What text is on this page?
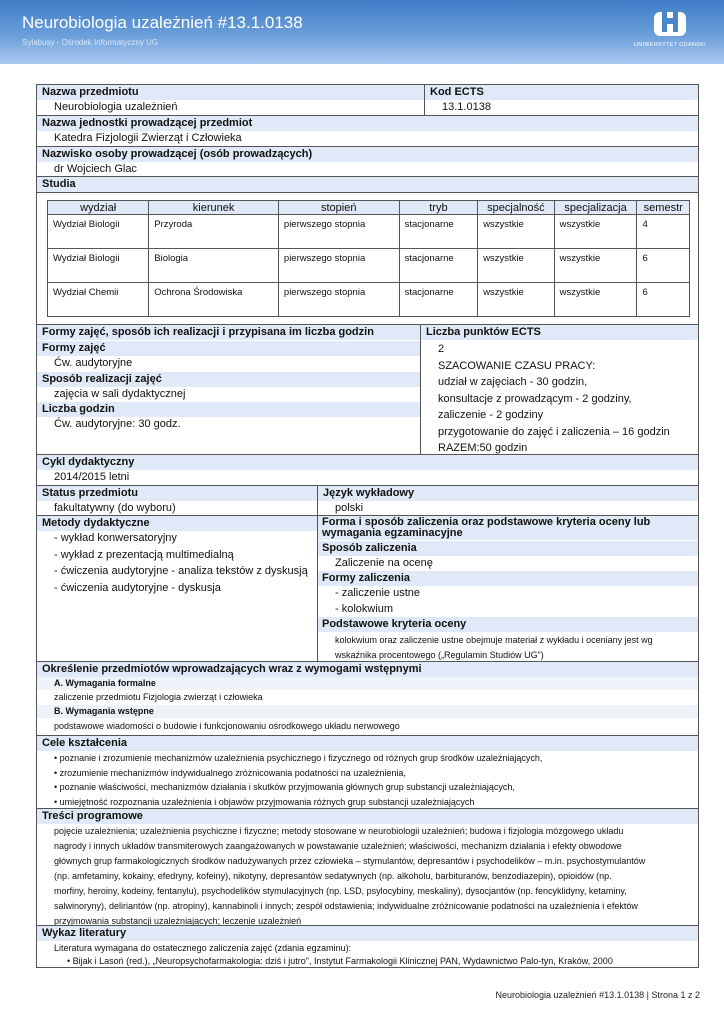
Neurobiologia uzależnień #13.1.0138
Sylabusy - Ośrodek Informatyczny UG	UNIWERSYTET GDAŃSKI
Nazwa przedmiotu	Kod ECTS
Neurobiologia uzależnień	13.1.0138
Nazwa jednostki prowadzącej przedmiot
Katedra Fizjologii Zwierząt i Człowieka
Nazwisko osoby prowadzącej (osób prowadzących)
dr Wojciech Glac
Studia
wydział	kierunek	stopień	tryb	specjalność	specjalizacja	semestr
Wydział Biologii	Przyroda	pierwszego stopnia	stacjonarne	wszystkie	wszystkie	4
Wydział Biologii	Biologia	pierwszego stopnia	stacjonarne	wszystkie	wszystkie	6
Wydział Chemii	Ochrona Środowiska	pierwszego stopnia	stacjonarne	wszystkie	wszystkie	6
Formy zajęć, sposób ich realizacji i przypisana im liczba godzin	Liczba punktów ECTS
Formy zajęć
Ćw. audytoryjne
Sposób realizacji zajęć
zajęcia w sali dydaktycznej
Liczba godzin
Ćw. audytoryjne: 30 godz.
2
SZACOWANIE CZASU PRACY:
udział w zajęciach - 30 godzin,
konsultacje z prowadzącym - 2 godziny,
zaliczenie - 2 godziny
przygotowanie do zajęć i zaliczenia – 16 godzin
RAZEM:50 godzin
Cykl dydaktyczny
2014/2015 letni
Status przedmiotu	Język wykładowy
fakultatywny (do wyboru)	polski
Metody dydaktyczne
- wykład konwersatoryjny
- wykład z prezentacją multimedialną
- ćwiczenia audytoryjne - analiza tekstów z dyskusją
- ćwiczenia audytoryjne - dyskusja
Forma i sposób zaliczenia oraz podstawowe kryteria oceny lub wymagania egzaminacyjne
Sposób zaliczenia
Zaliczenie na ocenę
Formy zaliczenia
- zaliczenie ustne
- kolokwium
Podstawowe kryteria oceny
kolokwium oraz zaliczenie ustne obejmuje materiał z wykładu i oceniany jest wg
wskaźnika procentowego („Regulamin Studiów UG")
Określenie przedmiotów wprowadzających wraz z wymogami wstępnymi
A. Wymagania formalne
zaliczenie przedmiotu Fizjologia zwierząt i człowieka
B. Wymagania wstępne
podstawowe wiadomości o budowie i funkcjonowaniu ośrodkowego układu nerwowego
Cele kształcenia
• poznanie i zrozumienie mechanizmów uzależnienia psychicznego i fizycznego od różnych grup środków uzależniających,
• zrozumienie mechanizmów indywidualnego zróżnicowania podatności na uzależnienia,
• poznanie właściwości, mechanizmów działania i skutków przyjmowania głównych grup substancji uzależniających,
• umiejętność rozpoznania uzależnienia i objawów przyjmowania różnych grup substancji uzależniających
Treści programowe
pojęcie uzależnienia; uzależnienia psychiczne i fizyczne; metody stosowane w neurobiologii uzależnień; budowa i fizjologia mózgowego układu
nagrody i innych układów transmiterowych zaangażowanych w powstawanie uzależnień; właściwości, mechanizm działania i efekty obwodowe
głównych grup farmakologicznych środków nadużywanych przez człowieka – stymulantów, depresantów i psychodelików – m.in. psychostymulantów
(np. amfetaminy, kokainy, efedryny, kofeiny), nikotyny, depresantów sedatywnych (np. alkoholu, barbituranów, benzodiazepin), opioidów (np.
morfiny, heroiny, kodeiny, fentanylu), psychodelików stymulacyjnych (np. LSD, psylocybiny, meskaliny), dysocjantów (np. fencyklidyny, ketaminy,
salwinoryny), deliriantów (np. atropiny), kannabinoli i innych; zespół odstawienia; indywidualne zróżnicowanie podatności na uzależnienia i efektów
przyjmowania substancji uzależniających; leczenie uzależnień
Wykaz literatury
Literatura wymagana do ostatecznego zaliczenia zajęć (zdania egzaminu):
• Bijak i Lasoń (red.), „Neuropsychofarmakologia: dziś i jutro", Instytut Farmakologii Klinicznej PAN, Wydawnictwo Palo-tyn, Kraków, 2000
Neurobiologia uzależnień #13.1.0138 | Strona 1 z 2
